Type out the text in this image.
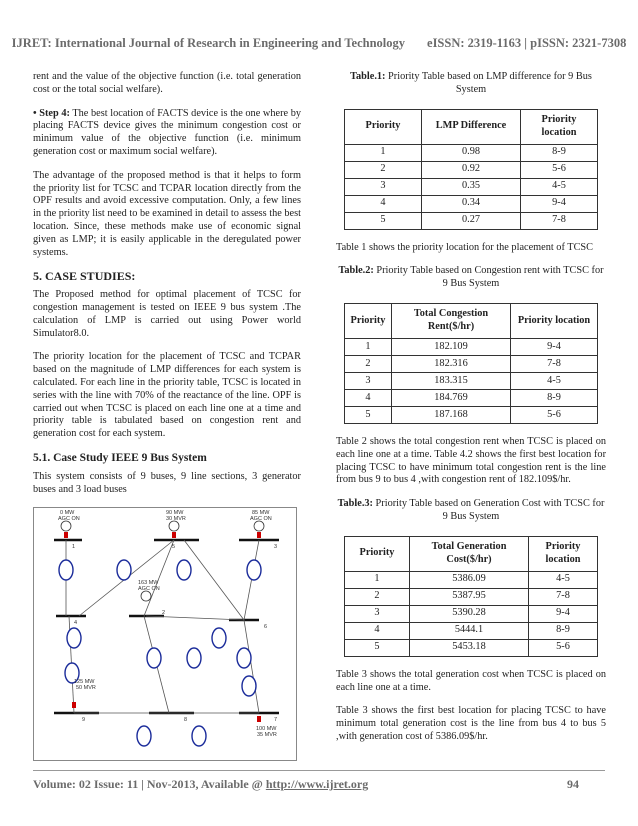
IJRET: International Journal of Research in Engineering and Technology eISSN: 2319-1163 | pISSN: 2321-7308

rent and the value of the objective function (i.e. total generation cost or the total social welfare).

• Step 4: The best location of FACTS device is the one where by placing FACTS device gives the minimum congestion cost or minimum value of the objective function (i.e. minimum generation cost or maximum social welfare).

The advantage of the proposed method is that it helps to form the priority list for TCSC and TCPAR location directly from the OPF results and avoid excessive computation. Only, a few lines in the priority list need to be examined in detail to assess the best location. Since, these methods make use of economic signal given as LMP; it is easily applicable in the deregulated power systems.

5. CASE STUDIES:

The Proposed method for optimal placement of TCSC for congestion management is tested on IEEE 9 bus system .The calculation of LMP is carried out using Power world Simulator8.0.

The priority location for the placement of TCSC and TCPAR based on the magnitude of LMP differences for each system is calculated. For each line in the priority table, TCSC is located in series with the line with 70% of the reactance of the line. OPF is carried out when TCSC is placed on each line one at a time and priority table is tabulated based on congestion rent and generation cost for each system.

5.1. Case Study IEEE 9 Bus System

This system consists of 9 buses, 9 line sections, 3 generator buses and 3 load buses

0 MW
AGC ON
90 MW
30 MVR
85 MW
AGC ON
163 MW
AGC ON
125 MW
50 MVR
100 MW
35 MVR
1	5	3
4
2
6
9	8	7
Table.1: Priority Table based on LMP difference for 9 Bus System
Priority	LMP Difference	Priority location
1	0.98	8-9
2	0.92	5-6
3	0.35	4-5
4	0.34	9-4
5	0.27	7-8

Table 1 shows the priority location for the placement of TCSC

Table.2: Priority Table based on Congestion rent with TCSC for 9 Bus System
Priority	Total Congestion Rent($/hr)	Priority location
1	182.109	9-4
2	182.316	7-8
3	183.315	4-5
4	184.769	8-9
5	187.168	5-6

Table 2 shows the total congestion rent when TCSC is placed on each line one at a time. Table 4.2 shows the first best location for placing TCSC to have minimum total congestion rent is the line from bus 9 to bus 4 ,with congestion rent of 182.109$/hr.

Table.3: Priority Table based on Generation Cost with TCSC for 9 Bus System
Priority	Total Generation Cost($/hr)	Priority location
1	5386.09	4-5
2	5387.95	7-8
3	5390.28	9-4
4	5444.1	8-9
5	5453.18	5-6

Table 3 shows the total generation cost when TCSC is placed on each line one at a time.

Table 3 shows the first best location for placing TCSC to have minimum total generation cost is the line from bus 4 to bus 5 ,with generation cost of 5386.09$/hr.

Volume: 02 Issue: 11 | Nov-2013, Available @ http://www.ijret.org	94
